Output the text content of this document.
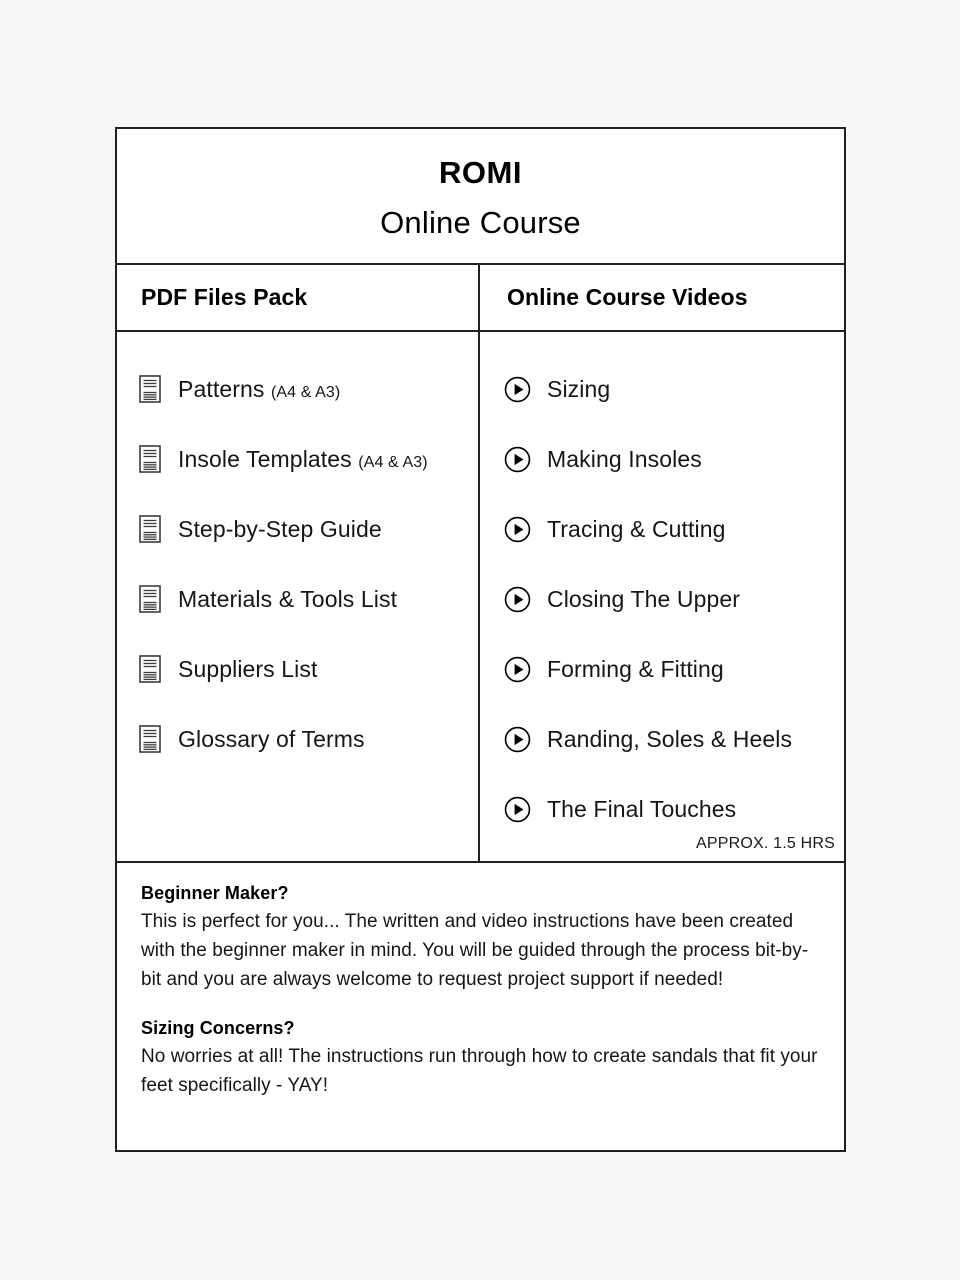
ROMI
Online Course
PDF Files Pack	Online Course Videos
Patterns (A4 & A3)
Insole Templates (A4 & A3)
Step-by-Step Guide
Materials & Tools List
Suppliers List
Glossary of Terms
Sizing
Making Insoles
Tracing & Cutting
Closing The Upper
Forming & Fitting
Randing, Soles & Heels
The Final Touches
APPROX. 1.5 HRS
Beginner Maker?
This is perfect for you... The written and video instructions have been created with the beginner maker in mind. You will be guided through the process bit-by-bit and you are always welcome to request project support if needed!
Sizing Concerns?
No worries at all! The instructions run through how to create sandals that fit your feet specifically - YAY!
